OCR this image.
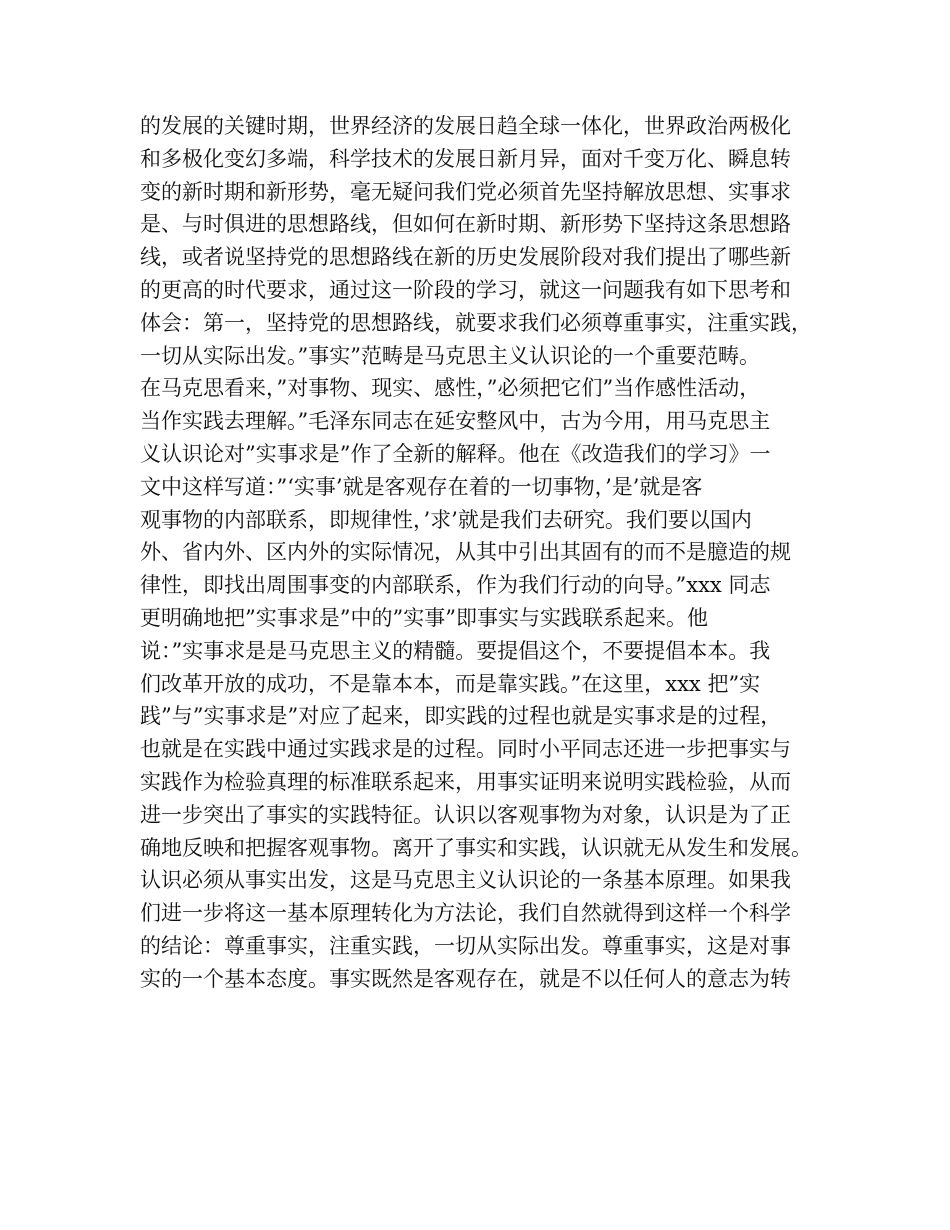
的发展的关键时期，世界经济的发展日趋全球一体化，世界政治两极化
和多极化变幻多端，科学技术的发展日新月异，面对千变万化、瞬息转
变的新时期和新形势，毫无疑问我们党必须首先坚持解放思想、实事求
是、与时俱进的思想路线，但如何在新时期、新形势下坚持这条思想路
线，或者说坚持党的思想路线在新的历史发展阶段对我们提出了哪些新
的更高的时代要求，通过这一阶段的学习，就这一问题我有如下思考和
体会：第一，坚持党的思想路线，就要求我们必须尊重事实，注重实践，
一切从实际出发。”事实”范畴是马克思主义认识论的一个重要范畴。
在马克思看来，”对事物、现实、感性，”必须把它们”当作感性活动，
当作实践去理解。”毛泽东同志在延安整风中，古为今用，用马克思主
义认识论对”实事求是”作了全新的解释。他在《改造我们的学习》一
文中这样写道：”‘实事’就是客观存在着的一切事物，’是’就是客
观事物的内部联系，即规律性，’求’就是我们去研究。我们要以国内
外、省内外、区内外的实际情况，从其中引出其固有的而不是臆造的规
律性，即找出周围事变的内部联系，作为我们行动的向导。”xxx 同志
更明确地把”实事求是”中的”实事”即事实与实践联系起来。他
说：”实事求是是马克思主义的精髓。要提倡这个，不要提倡本本。我
们改革开放的成功，不是靠本本，而是靠实践。”在这里，xxx 把”实
践”与”实事求是”对应了起来，即实践的过程也就是实事求是的过程，
也就是在实践中通过实践求是的过程。同时小平同志还进一步把事实与
实践作为检验真理的标准联系起来，用事实证明来说明实践检验，从而
进一步突出了事实的实践特征。认识以客观事物为对象，认识是为了正
确地反映和把握客观事物。离开了事实和实践，认识就无从发生和发展。
认识必须从事实出发，这是马克思主义认识论的一条基本原理。如果我
们进一步将这一基本原理转化为方法论，我们自然就得到这样一个科学
的结论：尊重事实，注重实践，一切从实际出发。尊重事实，这是对事
实的一个基本态度。事实既然是客观存在，就是不以任何人的意志为转
